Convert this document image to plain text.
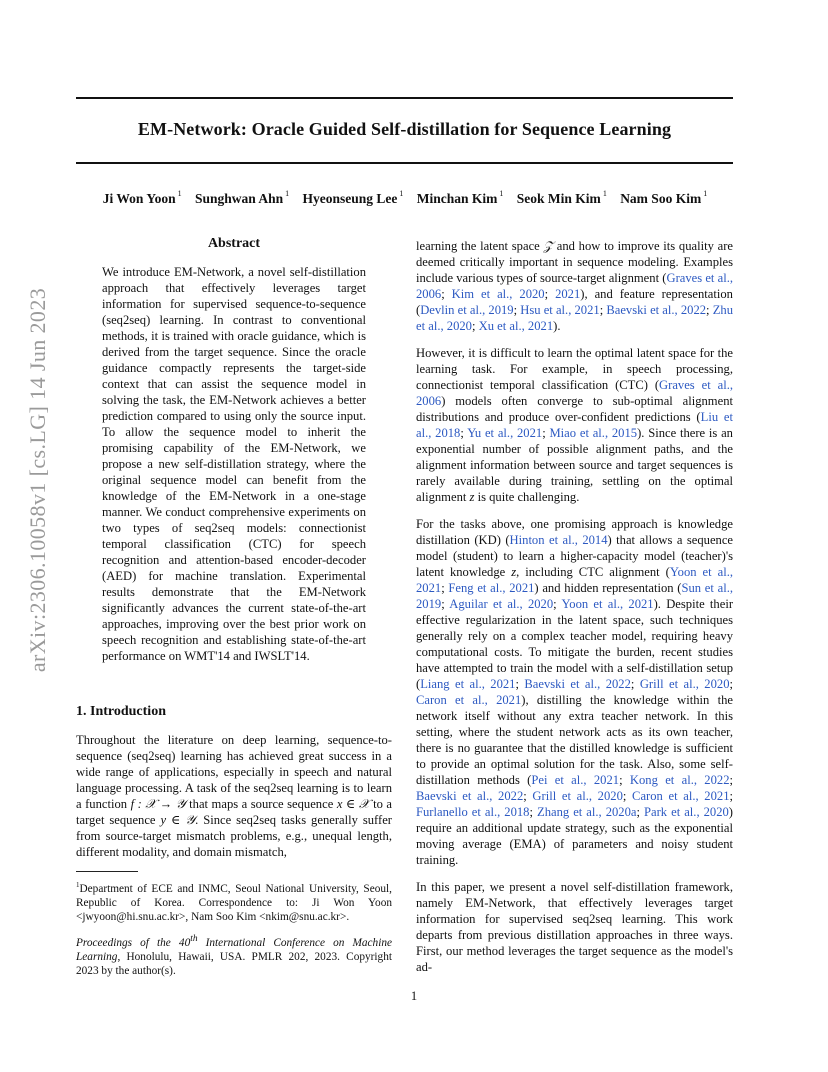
arXiv:2306.10058v1 [cs.LG] 14 Jun 2023
EM-Network: Oracle Guided Self-distillation for Sequence Learning
Ji Won Yoon $^1$ Sunghwan Ahn $^1$ Hyeonseung Lee $^1$ Minchan Kim $^1$ Seok Min Kim $^1$ Nam Soo Kim $^1$
Abstract
We introduce EM-Network, a novel self-distillation approach that effectively leverages target information for supervised sequence-to-sequence (seq2seq) learning. In contrast to conventional methods, it is trained with oracle guidance, which is derived from the target sequence. Since the oracle guidance compactly represents the target-side context that can assist the sequence model in solving the task, the EM-Network achieves a better prediction compared to using only the source input. To allow the sequence model to inherit the promising capability of the EM-Network, we propose a new self-distillation strategy, where the original sequence model can benefit from the knowledge of the EM-Network in a one-stage manner. We conduct comprehensive experiments on two types of seq2seq models: connectionist temporal classification (CTC) for speech recognition and attention-based encoder-decoder (AED) for machine translation. Experimental results demonstrate that the EM-Network significantly advances the current state-of-the-art approaches, improving over the best prior work on speech recognition and establishing state-of-the-art performance on WMT'14 and IWSLT'14.
1. Introduction

Throughout the literature on deep learning, sequence-to-sequence (seq2seq) learning has achieved great success in a wide range of applications, especially in speech and natural language processing. A task of the seq2seq learning is to learn a function f : 𝒳 → 𝒴 that maps a source sequence x ∈ 𝒳 to a target sequence y ∈ 𝒴. Since seq2seq tasks generally suffer from source-target mismatch problems, e.g., unequal length, different modality, and domain mismatch,

$^1$Department of ECE and INMC, Seoul National University, Seoul, Republic of Korea. Correspondence to: Ji Won Yoon <jwyoon@hi.snu.ac.kr>, Nam Soo Kim <nkim@snu.ac.kr>.
Proceedings of the 40th International Conference on Machine Learning, Honolulu, Hawaii, USA. PMLR 202, 2023. Copyright 2023 by the author(s).

learning the latent space 𝒵 and how to improve its quality are deemed critically important in sequence modeling. Examples include various types of source-target alignment (Graves et al., 2006; Kim et al., 2020; 2021), and feature representation (Devlin et al., 2019; Hsu et al., 2021; Baevski et al., 2022; Zhu et al., 2020; Xu et al., 2021).

However, it is difficult to learn the optimal latent space for the learning task. For example, in speech processing, connectionist temporal classification (CTC) (Graves et al., 2006) models often converge to sub-optimal alignment distributions and produce over-confident predictions (Liu et al., 2018; Yu et al., 2021; Miao et al., 2015). Since there is an exponential number of possible alignment paths, and the alignment information between source and target sequences is rarely available during training, settling on the optimal alignment z is quite challenging.

For the tasks above, one promising approach is knowledge distillation (KD) (Hinton et al., 2014) that allows a sequence model (student) to learn a higher-capacity model (teacher)'s latent knowledge z, including CTC alignment (Yoon et al., 2021; Feng et al., 2021) and hidden representation (Sun et al., 2019; Aguilar et al., 2020; Yoon et al., 2021). Despite their effective regularization in the latent space, such techniques generally rely on a complex teacher model, requiring heavy computational costs. To mitigate the burden, recent studies have attempted to train the model with a self-distillation setup (Liang et al., 2021; Baevski et al., 2022; Grill et al., 2020; Caron et al., 2021), distilling the knowledge within the network itself without any extra teacher network. In this setting, where the student network acts as its own teacher, there is no guarantee that the distilled knowledge is sufficient to provide an optimal solution for the task. Also, some self-distillation methods (Pei et al., 2021; Kong et al., 2022; Baevski et al., 2022; Grill et al., 2020; Caron et al., 2021; Furlanello et al., 2018; Zhang et al., 2020a; Park et al., 2020) require an additional update strategy, such as the exponential moving average (EMA) of parameters and noisy student training.

In this paper, we present a novel self-distillation framework, namely EM-Network, that effectively leverages target information for supervised seq2seq learning. This work departs from previous distillation approaches in three ways. First, our method leverages the target sequence as the model's ad-

1
